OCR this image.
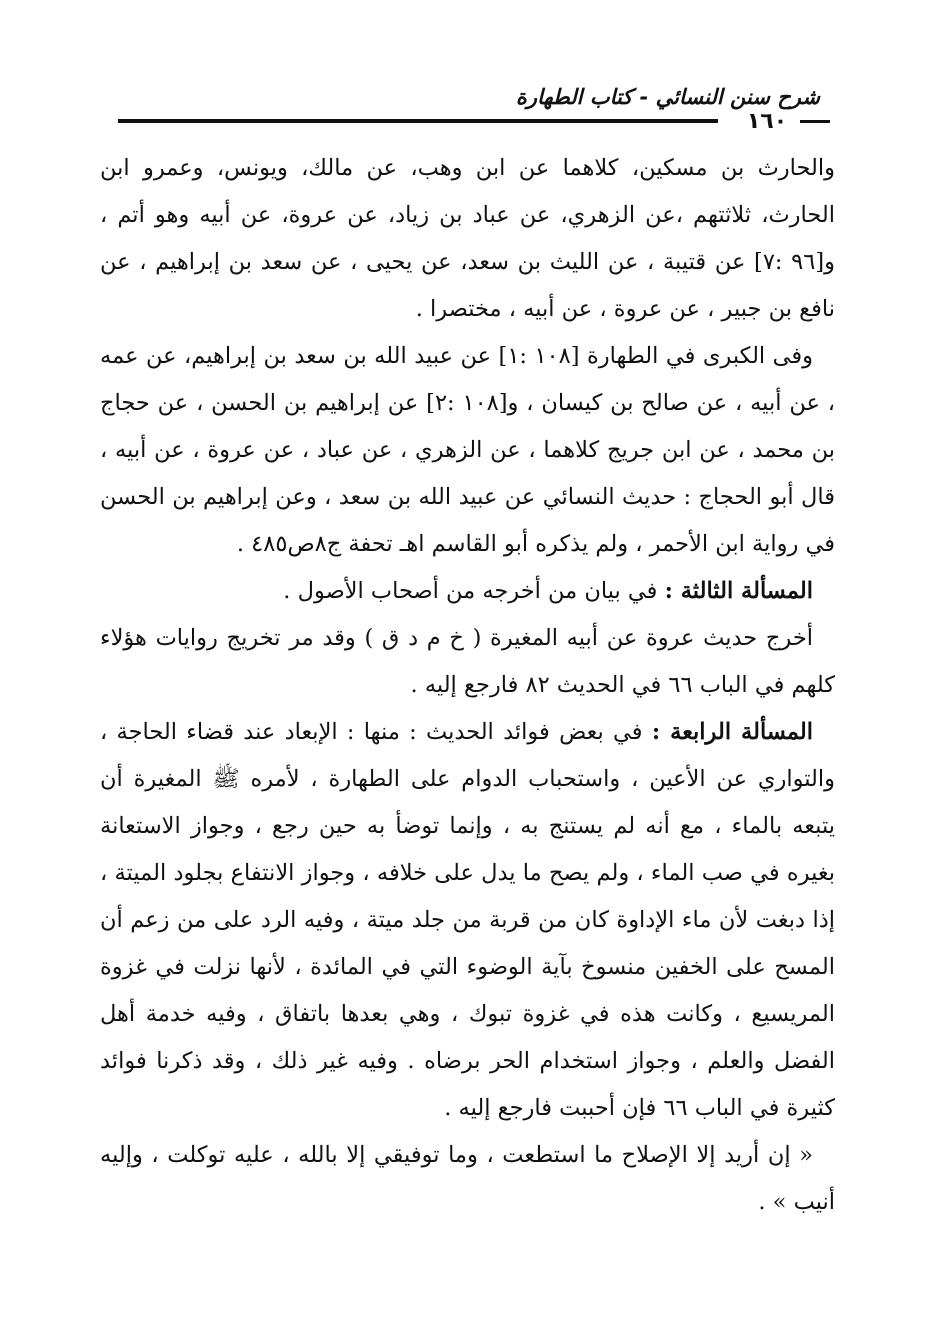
شرح سنن النسائي - كتاب الطهارة
١٦٠

والحارث بن مسكين، كلاهما عن ابن وهب، عن مالك، ويونس، وعمرو ابن الحارث، ثلاثتهم ،عن الزهري، عن عباد بن زياد، عن عروة، عن أبيه وهو أتم ، و[٩٦ :٧] عن قتيبة ، عن الليث بن سعد، عن يحيى ، عن سعد بن إبراهيم ، عن نافع بن جبير ، عن عروة ، عن أبيه ، مختصرا .

وفى الكبرى في الطهارة [١٠٨ :١] عن عبيد الله بن سعد بن إبراهيم، عن عمه ، عن أبيه ، عن صالح بن كيسان ، و[١٠٨ :٢] عن إبراهيم بن الحسن ، عن حجاج بن محمد ، عن ابن جريج كلاهما ، عن الزهري ، عن عباد ، عن عروة ، عن أبيه ، قال أبو الحجاج : حديث النسائي عن عبيد الله بن سعد ، وعن إبراهيم بن الحسن في رواية ابن الأحمر ، ولم يذكره أبو القاسم اهـ تحفة ج٨ص٤٨٥ .

المسألة الثالثة : في بيان من أخرجه من أصحاب الأصول .

أخرج حديث عروة عن أبيه المغيرة ( خ م د ق ) وقد مر تخريج روايات هؤلاء كلهم في الباب ٦٦ في الحديث ٨٢ فارجع إليه .

المسألة الرابعة : في بعض فوائد الحديث : منها : الإبعاد عند قضاء الحاجة ، والتواري عن الأعين ، واستحباب الدوام على الطهارة ، لأمره ﷺ المغيرة أن يتبعه بالماء ، مع أنه لم يستنج به ، وإنما توضأ به حين رجع ، وجواز الاستعانة بغيره في صب الماء ، ولم يصح ما يدل على خلافه ، وجواز الانتفاع بجلود الميتة ، إذا دبغت لأن ماء الإداوة كان من قربة من جلد ميتة ، وفيه الرد على من زعم أن المسح على الخفين منسوخ بآية الوضوء التي في المائدة ، لأنها نزلت في غزوة المريسيع ، وكانت هذه في غزوة تبوك ، وهي بعدها باتفاق ، وفيه خدمة أهل الفضل والعلم ، وجواز استخدام الحر برضاه . وفيه غير ذلك ، وقد ذكرنا فوائد كثيرة في الباب ٦٦ فإن أحببت فارجع إليه .

« إن أريد إلا الإصلاح ما استطعت ، وما توفيقي إلا بالله ، عليه توكلت ، وإليه أنيب » .
